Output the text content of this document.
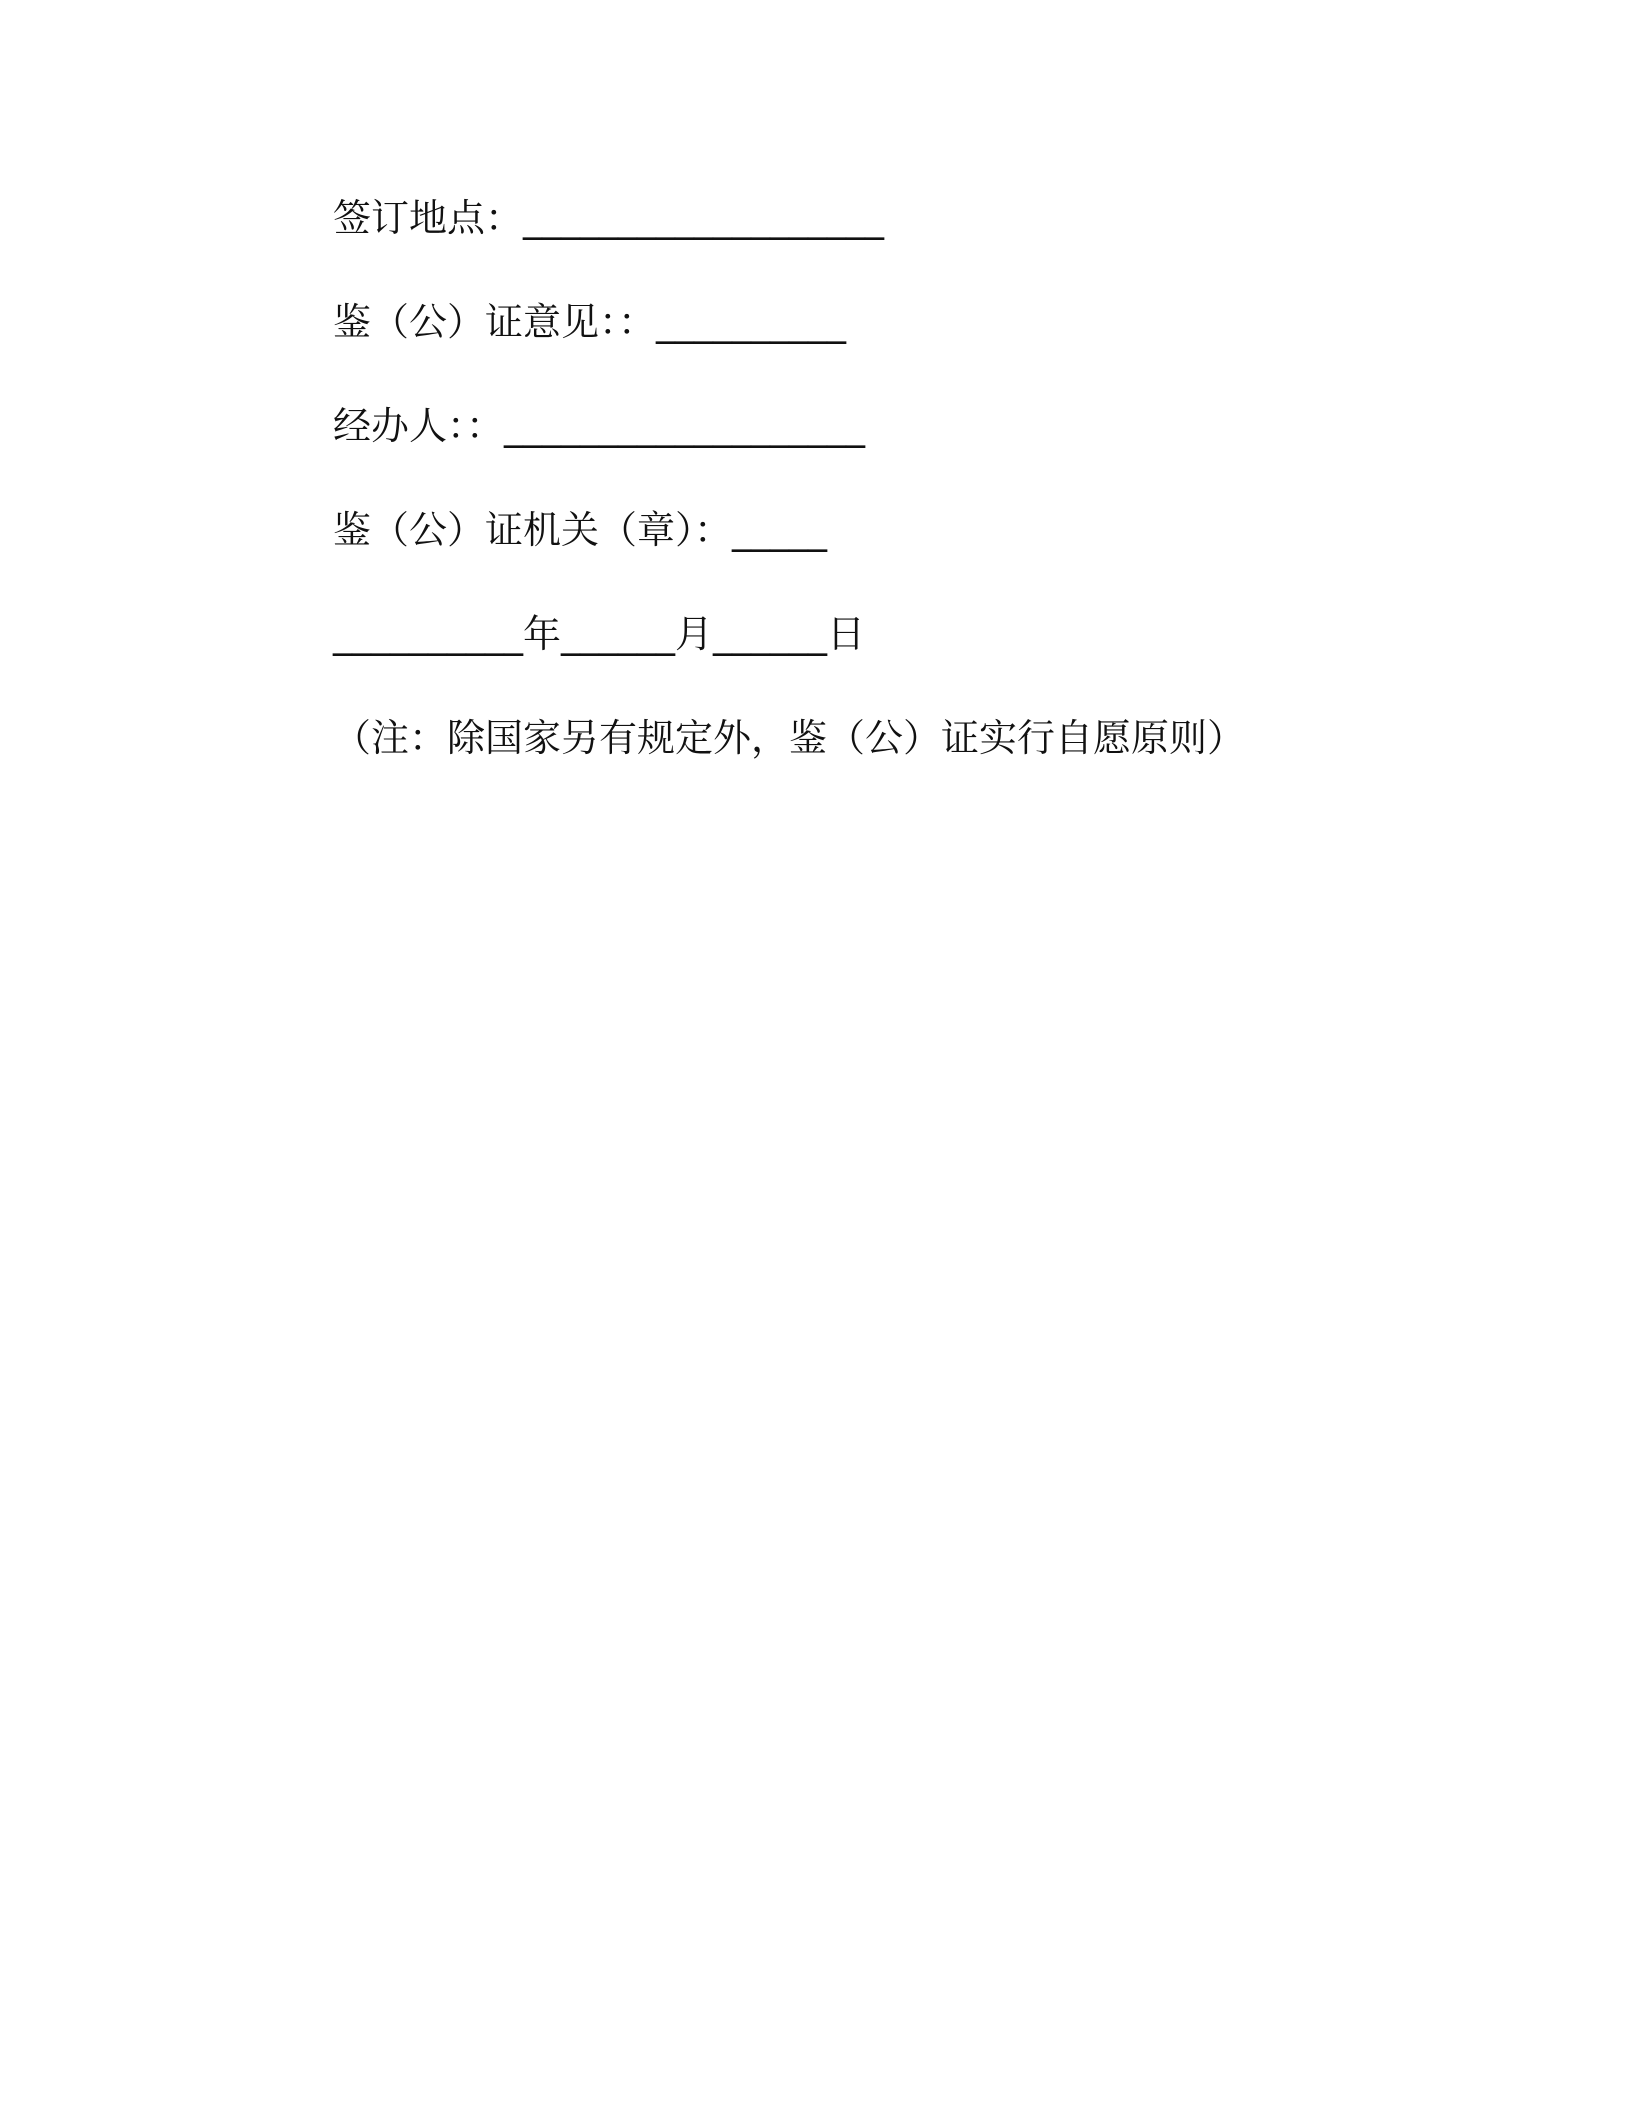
签订地点：___________________
鉴（公）证意见：：__________
经办人：：___________________
鉴（公）证机关（章）：_____
__________年______月______日
（注：除国家另有规定外，鉴（公）证实行自愿原则）
